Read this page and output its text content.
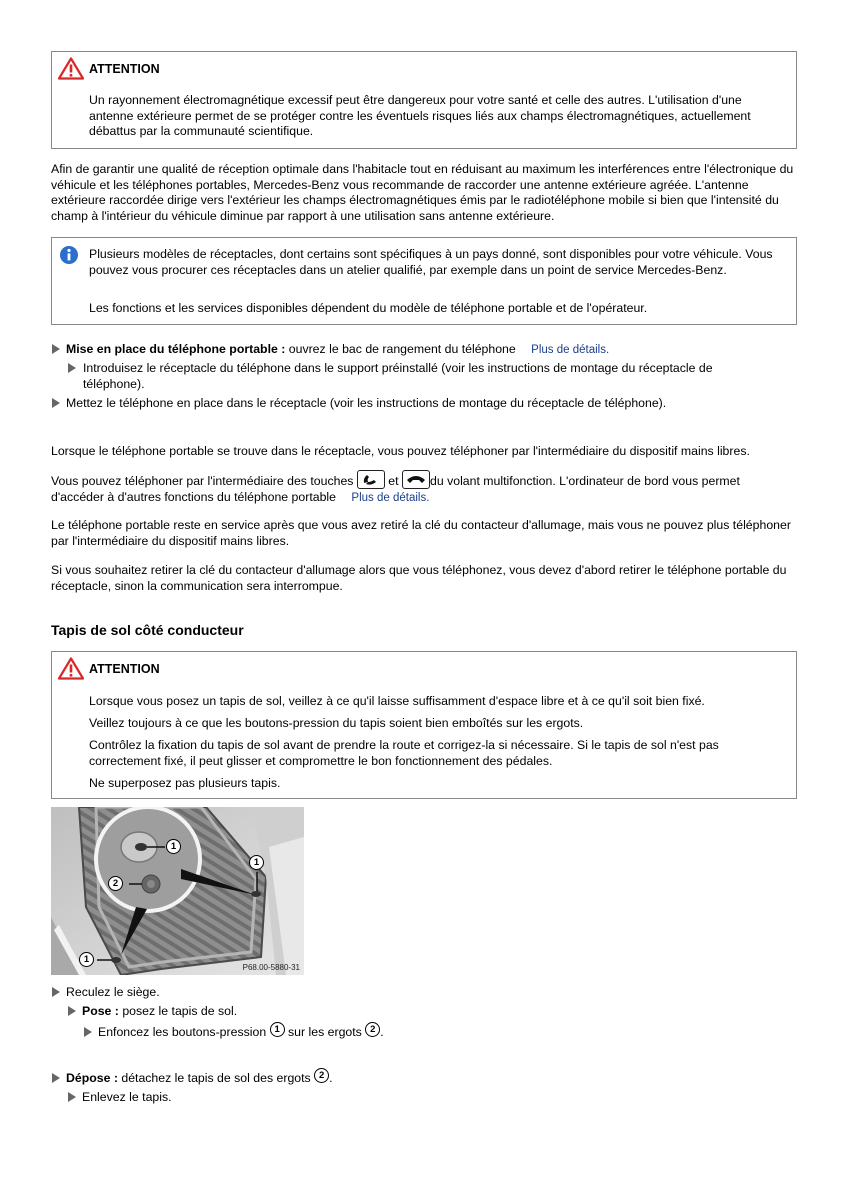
ATTENTION
Un rayonnement électromagnétique excessif peut être dangereux pour votre santé et celle des autres. L'utilisation d'une antenne extérieure permet de se protéger contre les éventuels risques liés aux champs électromagnétiques, actuellement débattus par la communauté scientifique.
Afin de garantir une qualité de réception optimale dans l'habitacle tout en réduisant au maximum les interférences entre l'électronique du véhicule et les téléphones portables, Mercedes-Benz vous recommande de raccorder une antenne extérieure agréée. L'antenne extérieure raccordée dirige vers l'extérieur les champs électromagnétiques émis par le radiotéléphone mobile si bien que l'intensité du champ à l'intérieur du véhicule diminue par rapport à une utilisation sans antenne extérieure.
Plusieurs modèles de réceptacles, dont certains sont spécifiques à un pays donné, sont disponibles pour votre véhicule. Vous pouvez vous procurer ces réceptacles dans un atelier qualifié, par exemple dans un point de service Mercedes-Benz.
Les fonctions et les services disponibles dépendent du modèle de téléphone portable et de l'opérateur.
Mise en place du téléphone portable : ouvrez le bac de rangement du téléphone Plus de détails.
Introduisez le réceptacle du téléphone dans le support préinstallé (voir les instructions de montage du réceptacle de téléphone).
Mettez le téléphone en place dans le réceptacle (voir les instructions de montage du réceptacle de téléphone).
Lorsque le téléphone portable se trouve dans le réceptacle, vous pouvez téléphoner par l'intermédiaire du dispositif mains libres.
Vous pouvez téléphoner par l'intermédiaire des touches	et	du volant multifonction. L'ordinateur de bord vous permet d'accéder à d'autres fonctions du téléphone portable Plus de détails.
Le téléphone portable reste en service après que vous avez retiré la clé du contacteur d'allumage, mais vous ne pouvez plus téléphoner par l'intermédiaire du dispositif mains libres.
Si vous souhaitez retirer la clé du contacteur d'allumage alors que vous téléphonez, vous devez d'abord retirer le téléphone portable du réceptacle, sinon la communication sera interrompue.
Tapis de sol côté conducteur
ATTENTION
Lorsque vous posez un tapis de sol, veillez à ce qu'il laisse suffisamment d'espace libre et à ce qu'il soit bien fixé.
Veillez toujours à ce que les boutons-pression du tapis soient bien emboîtés sur les ergots.
Contrôlez la fixation du tapis de sol avant de prendre la route et corrigez-la si nécessaire. Si le tapis de sol n'est pas correctement fixé, il peut glisser et compromettre le bon fonctionnement des pédales.
Ne superposez pas plusieurs tapis.
1
2
1
1
P68.00-5880-31
Reculez le siège.
Pose : posez le tapis de sol.
Enfoncez les boutons-pression 1 sur les ergots 2 .
Dépose : détachez le tapis de sol des ergots 2 .
Enlevez le tapis.
